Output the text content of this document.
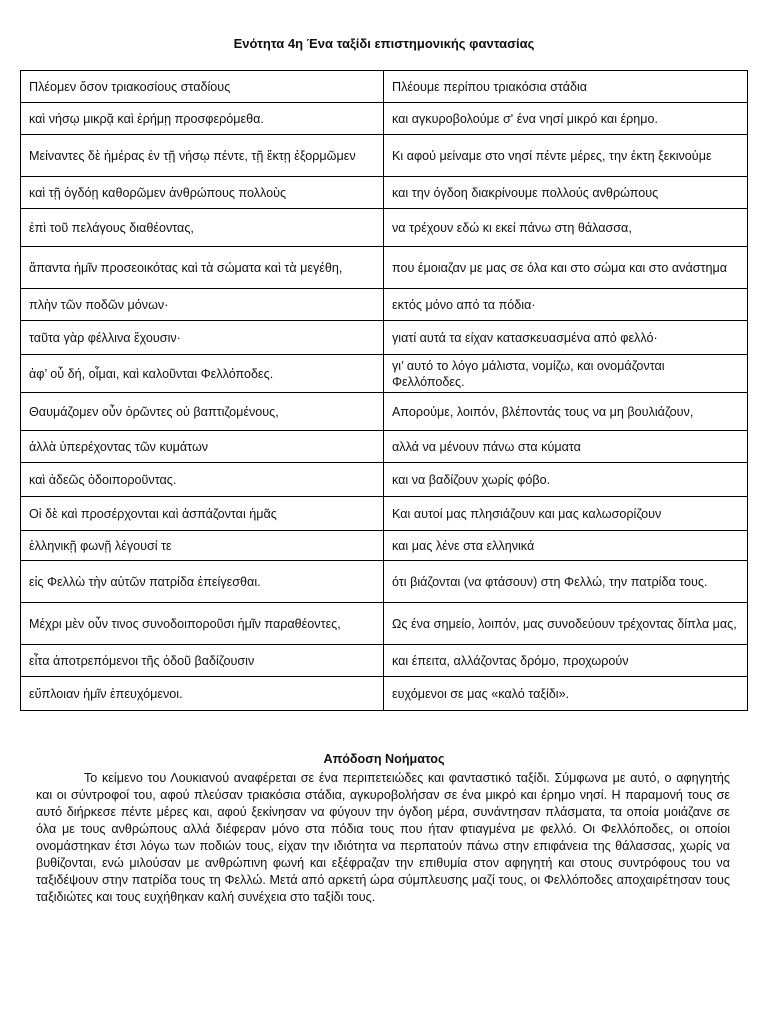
Ενότητα 4η Ένα ταξίδι επιστημονικής φαντασίας
Πλέομεν ὅσον τριακοσίους σταδίους	Πλέουμε περίπου τριακόσια στάδια
καὶ νήσῳ μικρᾷ καὶ ἐρήμῃ προσφερόμεθα.	και αγκυροβολούμε σ' ένα νησί μικρό και έρημο.
Μείναντες δὲ ἡμέρας ἐν τῇ νήσῳ πέντε, τῇ ἕκτῃ ἐξορμῶμεν	Κι αφού μείναμε στο νησί πέντε μέρες, την έκτη ξεκινούμε
καὶ τῇ ὀγδόῃ καθορῶμεν ἀνθρώπους πολλοὺς	και την όγδοη διακρίνουμε πολλούς ανθρώπους
ἐπὶ τοῦ πελάγους διαθέοντας,	να τρέχουν εδώ κι εκεί πάνω στη θάλασσα,
ἅπαντα ἡμῖν προσεοικότας καὶ τὰ σώματα καὶ τὰ μεγέθη,	που έμοιαζαν με μας σε όλα και στο σώμα και στο ανάστημα
πλὴν τῶν ποδῶν μόνων·	εκτός μόνο από τα πόδια·
ταῦτα γὰρ φέλλινα ἔχουσιν·	γιατί αυτά τα είχαν κατασκευασμένα από φελλό·
ἀφ’ οὗ δή, οἶμαι, καὶ καλοῦνται Φελλόποδες.	γι’ αυτό το λόγο μάλιστα, νομίζω, και ονομάζονται Φελλόποδες.
Θαυμάζομεν οὖν ὁρῶντες οὐ βαπτιζομένους,	Απορούμε, λοιπόν, βλέποντάς τους να μη βουλιάζουν,
ἀλλὰ ὑπερέχοντας τῶν κυμάτων	αλλά να μένουν πάνω στα κύματα
καὶ ἀδεῶς ὁδοιποροῦντας.	και να βαδίζουν χωρίς φόβο.
Οἱ δὲ καὶ προσέρχονται καὶ ἀσπάζονται ἡμᾶς	Και αυτοί μας πλησιάζουν και μας καλωσορίζουν
ἑλληνικῇ φωνῇ λέγουσί τε	και μας λένε στα ελληνικά
εἰς Φελλὼ τὴν αὑτῶν πατρίδα ἐπείγεσθαι.	ότι βιάζονται (να φτάσουν) στη Φελλώ, την πατρίδα τους.
Μέχρι μὲν οὖν τινος συνοδοιποροῦσι ἡμῖν παραθέοντες,	Ως ένα σημείο, λοιπόν, μας συνοδεύουν τρέχοντας δίπλα μας,
εἶτα ἀποτρεπόμενοι τῆς ὁδοῦ βαδίζουσιν	και έπειτα, αλλάζοντας δρόμο, προχωρούν
εὔπλοιαν ἡμῖν ἐπευχόμενοι.	ευχόμενοι σε μας «καλό ταξίδι».
Απόδοση Νοήματος

Το κείμενο του Λουκιανού αναφέρεται σε ένα περιπετειώδες και φανταστικό ταξίδι. Σύμφωνα με αυτό, ο αφηγητής και οι σύντροφοί του, αφού πλεύσαν τριακόσια στάδια, αγκυροβολήσαν σε ένα μικρό και έρημο νησί. Η παραμονή τους σε αυτό διήρκεσε πέντε μέρες και, αφού ξεκίνησαν να φύγουν την όγδοη μέρα, συνάντησαν πλάσματα, τα οποία μοιάζανε σε όλα με τους ανθρώπους αλλά διέφεραν μόνο στα πόδια τους που ήταν φτιαγμένα με φελλό. Οι Φελλόποδες, οι οποίοι ονομάστηκαν έτσι λόγω των ποδιών τους, είχαν την ιδιότητα να περπατούν πάνω στην επιφάνεια της θάλασσας, χωρίς να βυθίζονται, ενώ μιλούσαν με ανθρώπινη φωνή και εξέφραζαν την επιθυμία στον αφηγητή και στους συντρόφους του να ταξιδέψουν στην πατρίδα τους τη Φελλώ. Μετά από αρκετή ώρα σύμπλευσης μαζί τους, οι Φελλόποδες αποχαιρέτησαν τους ταξιδιώτες και τους ευχήθηκαν καλή συνέχεια στο ταξίδι τους.
